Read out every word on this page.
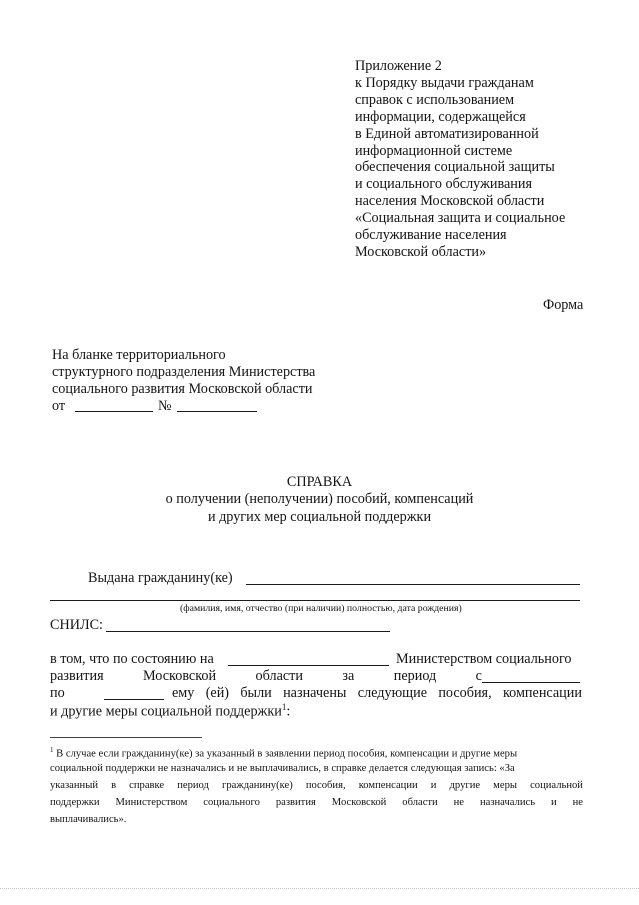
Приложение 2
к Порядку выдачи гражданам
справок с использованием
информации, содержащейся
в Единой автоматизированной
информационной системе
обеспечения социальной защиты
и социального обслуживания
населения Московской области
«Социальная защита и социальное
обслуживание населения
Московской области»
Форма
На бланке территориального
структурного подразделения Министерства
социального развития Московской области
от	№
СПРАВКА
о получении (неполучении) пособий, компенсаций
и других мер социальной поддержки
Выдана гражданину(ке)
(фамилия, имя, отчество (при наличии) полностью, дата рождения)
СНИЛС:
в том, что по состоянию на	Министерством социального
развития	Московской	области	за	период	с
по	ему (ей) были назначены следующие пособия, компенсации
и другие меры социальной поддержки$^1$:
$^1$ В случае если гражданину(ке) за указанный в заявлении период пособия, компенсации и другие меры
социальной поддержки не назначались и не выплачивались, в справке делается следующая запись: «За
указанный в справке период гражданину(ке) пособия, компенсации и другие меры социальной
поддержки Министерством социального развития Московской области не назначались и не
выплачивались».
